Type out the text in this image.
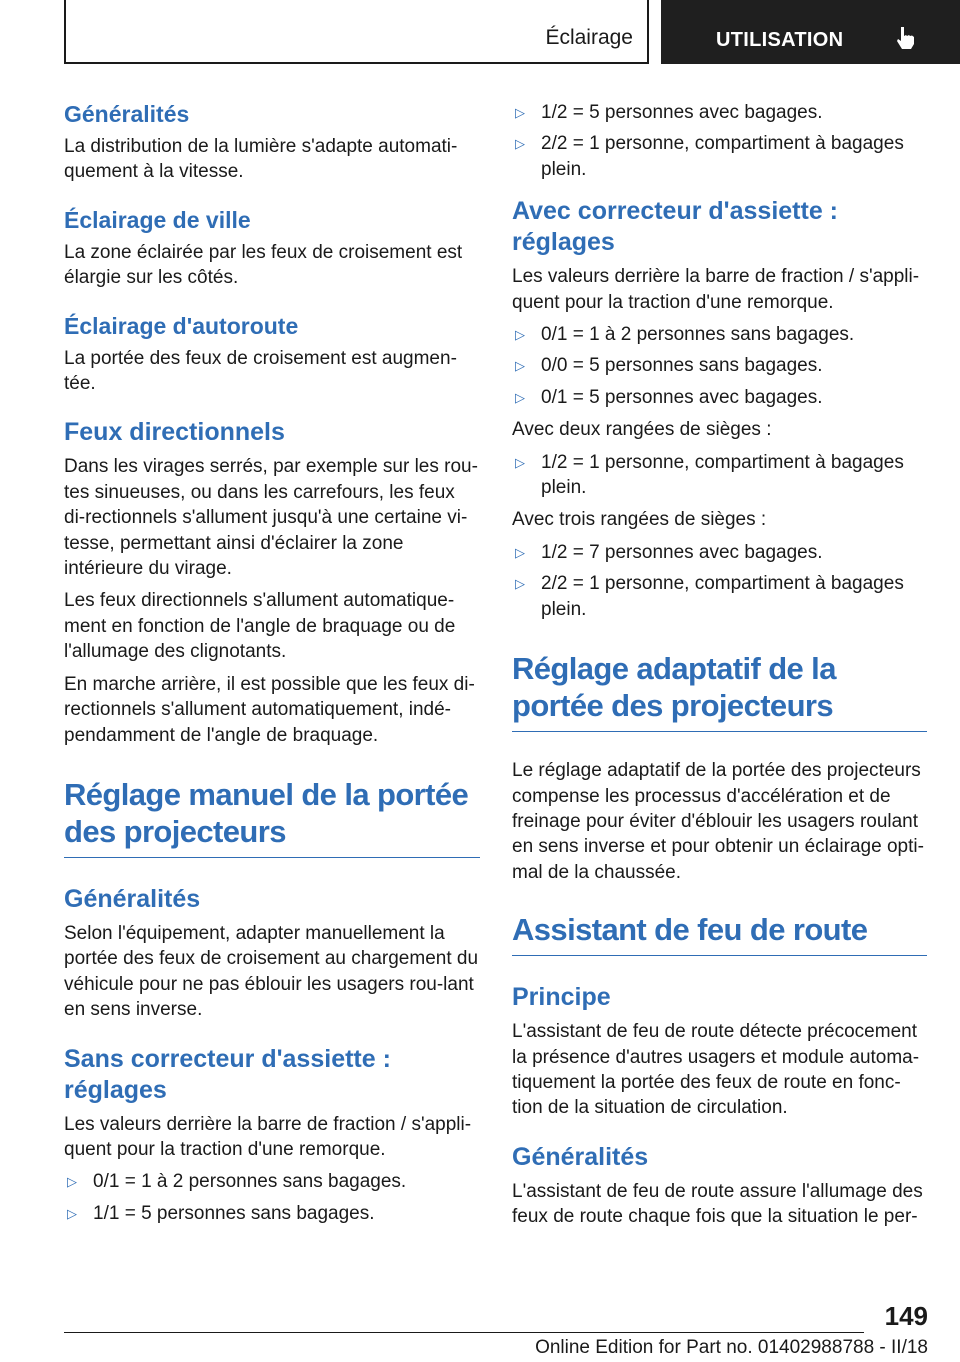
Éclairage	UTILISATION
Généralités

La distribution de la lumière s'adapte automati-quement à la vitesse.

Éclairage de ville

La zone éclairée par les feux de croisement est élargie sur les côtés.

Éclairage d'autoroute

La portée des feux de croisement est augmen-tée.

Feux directionnels

Dans les virages serrés, par exemple sur les rou-tes sinueuses, ou dans les carrefours, les feux di-rectionnels s'allument jusqu'à une certaine vi-tesse, permettant ainsi d'éclairer la zone intérieure du virage.

Les feux directionnels s'allument automatique-ment en fonction de l'angle de braquage ou de l'allumage des clignotants.

En marche arrière, il est possible que les feux di-rectionnels s'allument automatiquement, indé-pendamment de l'angle de braquage.

Réglage manuel de la portée des projecteurs
Généralités

Selon l'équipement, adapter manuellement la portée des feux de croisement au chargement du véhicule pour ne pas éblouir les usagers rou-lant en sens inverse.

Sans correcteur d'assiette : réglages

Les valeurs derrière la barre de fraction / s'appli-quent pour la traction d'une remorque.

▷ 0/1 = 1 à 2 personnes sans bagages.
▷ 1/1 = 5 personnes sans bagages.
▷ 1/2 = 5 personnes avec bagages.
▷ 2/2 = 1 personne, compartiment à bagages plein.
Avec correcteur d'assiette : réglages

Les valeurs derrière la barre de fraction / s'appli-quent pour la traction d'une remorque.

▷ 0/1 = 1 à 2 personnes sans bagages.
▷ 0/0 = 5 personnes sans bagages.
▷ 0/1 = 5 personnes avec bagages.

Avec deux rangées de sièges :

▷ 1/2 = 1 personne, compartiment à bagages plein.

Avec trois rangées de sièges :

▷ 1/2 = 7 personnes avec bagages.
▷ 2/2 = 1 personne, compartiment à bagages plein.
Réglage adaptatif de la portée des projecteurs

Le réglage adaptatif de la portée des projecteurs compense les processus d'accélération et de freinage pour éviter d'éblouir les usagers roulant en sens inverse et pour obtenir un éclairage opti-mal de la chaussée.

Assistant de feu de route
Principe

L'assistant de feu de route détecte précocement la présence d'autres usagers et module automa-tiquement la portée des feux de route en fonc-tion de la situation de circulation.

Généralités

L'assistant de feu de route assure l'allumage des feux de route chaque fois que la situation le per-

149
Online Edition for Part no. 01402988788 - II/18
